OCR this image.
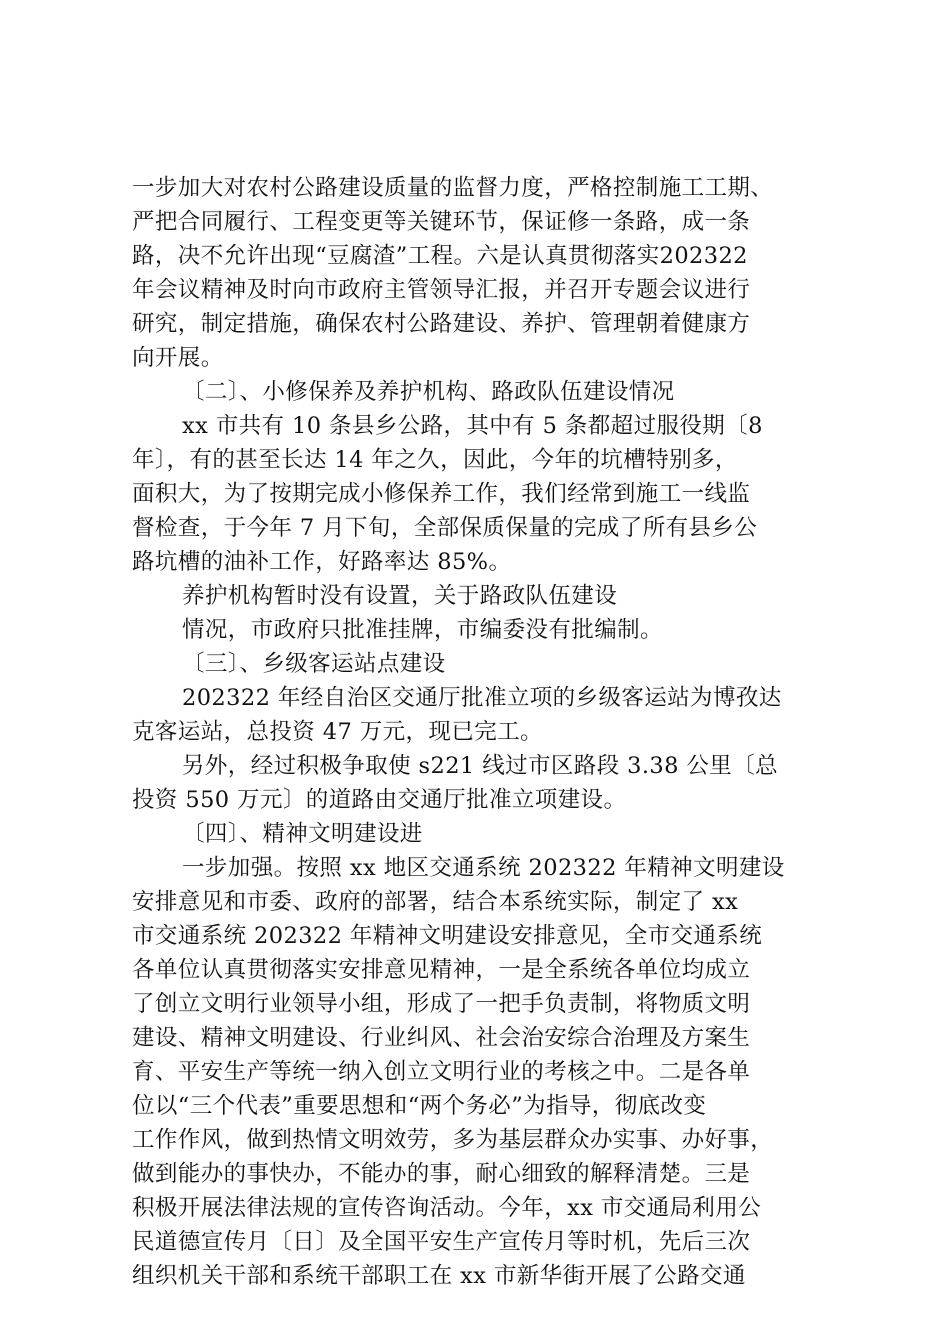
一步加大对农村公路建设质量的监督力度，严格控制施工工期、
严把合同履行、工程变更等关键环节，保证修一条路，成一条
路，决不允许出现“豆腐渣”工程。六是认真贯彻落实202322
年会议精神及时向市政府主管领导汇报，并召开专题会议进行
研究，制定措施，确保农村公路建设、养护、管理朝着健康方
向开展。
〔二〕、小修保养及养护机构、路政队伍建设情况
xx 市共有 10 条县乡公路，其中有 5 条都超过服役期〔8
年〕，有的甚至长达 14 年之久，因此，今年的坑槽特别多，
面积大，为了按期完成小修保养工作，我们经常到施工一线监
督检查，于今年 7 月下旬，全部保质保量的完成了所有县乡公
路坑槽的油补工作，好路率达 85%。
养护机构暂时没有设置，关于路政队伍建设
情况，市政府只批准挂牌，市编委没有批编制。
〔三〕、乡级客运站点建设
202322 年经自治区交通厅批准立项的乡级客运站为博孜达
克客运站，总投资 47 万元，现已完工。
另外，经过积极争取使 s221 线过市区路段 3.38 公里〔总
投资 550 万元〕的道路由交通厅批准立项建设。
〔四〕、精神文明建设进
一步加强。按照 xx 地区交通系统 202322 年精神文明建设
安排意见和市委、政府的部署，结合本系统实际，制定了 xx
市交通系统 202322 年精神文明建设安排意见，全市交通系统
各单位认真贯彻落实安排意见精神，一是全系统各单位均成立
了创立文明行业领导小组，形成了一把手负责制，将物质文明
建设、精神文明建设、行业纠风、社会治安综合治理及方案生
育、平安生产等统一纳入创立文明行业的考核之中。二是各单
位以“三个代表”重要思想和“两个务必”为指导，彻底改变
工作作风，做到热情文明效劳，多为基层群众办实事、办好事，
做到能办的事快办，不能办的事，耐心细致的解释清楚。三是
积极开展法律法规的宣传咨询活动。今年，xx 市交通局利用公
民道德宣传月〔日〕及全国平安生产宣传月等时机，先后三次
组织机关干部和系统干部职工在 xx 市新华街开展了公路交通
